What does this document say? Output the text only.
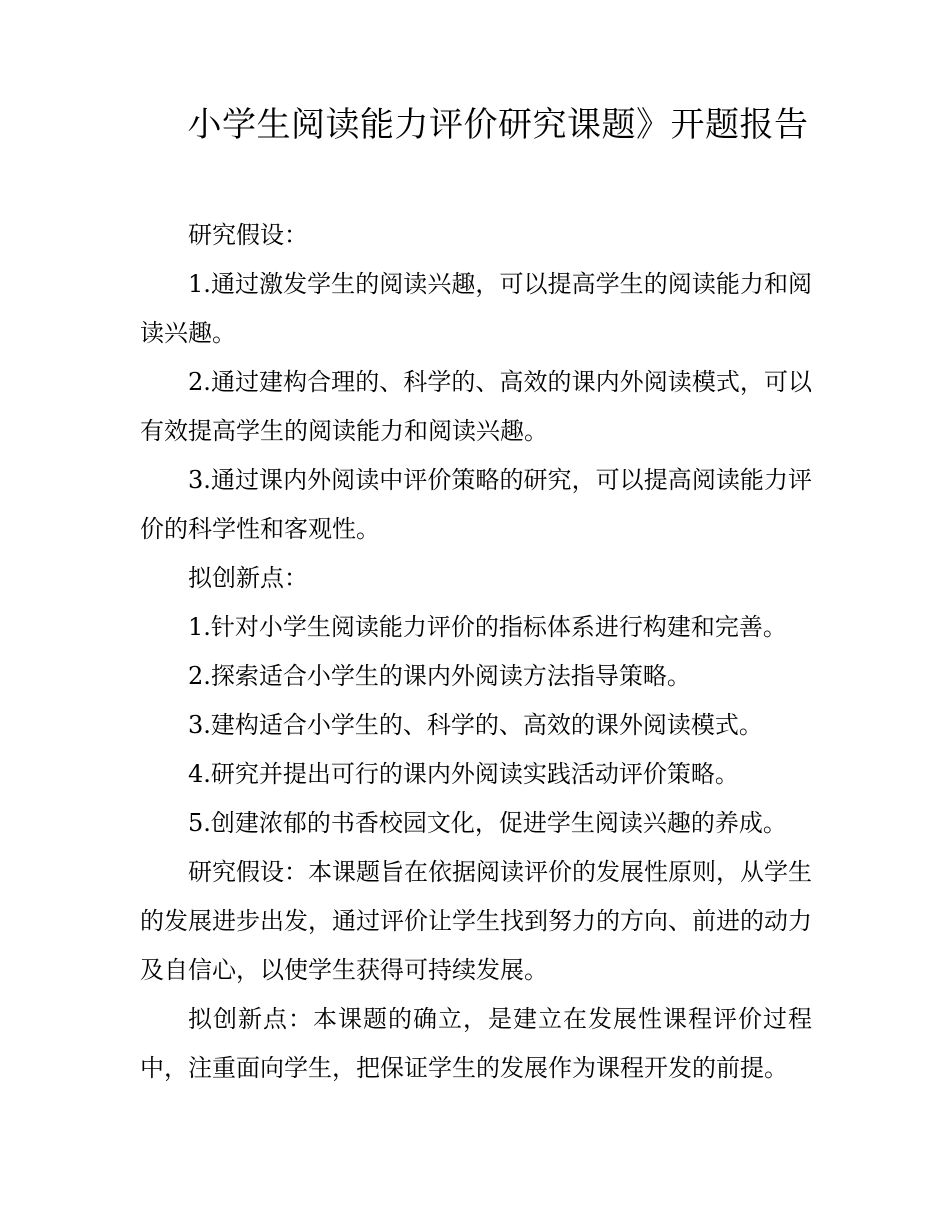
小学生阅读能力评价研究课题》开题报告

研究假设：

1.通过激发学生的阅读兴趣，可以提高学生的阅读能力和阅读兴趣。

2.通过建构合理的、科学的、高效的课内外阅读模式，可以有效提高学生的阅读能力和阅读兴趣。

3.通过课内外阅读中评价策略的研究，可以提高阅读能力评价的科学性和客观性。

拟创新点：

1.针对小学生阅读能力评价的指标体系进行构建和完善。

2.探索适合小学生的课内外阅读方法指导策略。

3.建构适合小学生的、科学的、高效的课外阅读模式。

4.研究并提出可行的课内外阅读实践活动评价策略。

5.创建浓郁的书香校园文化，促进学生阅读兴趣的养成。

研究假设：本课题旨在依据阅读评价的发展性原则，从学生的发展进步出发，通过评价让学生找到努力的方向、前进的动力及自信心，以使学生获得可持续发展。

拟创新点：本课题的确立，是建立在发展性课程评价过程中，注重面向学生，把保证学生的发展作为课程开发的前提。
